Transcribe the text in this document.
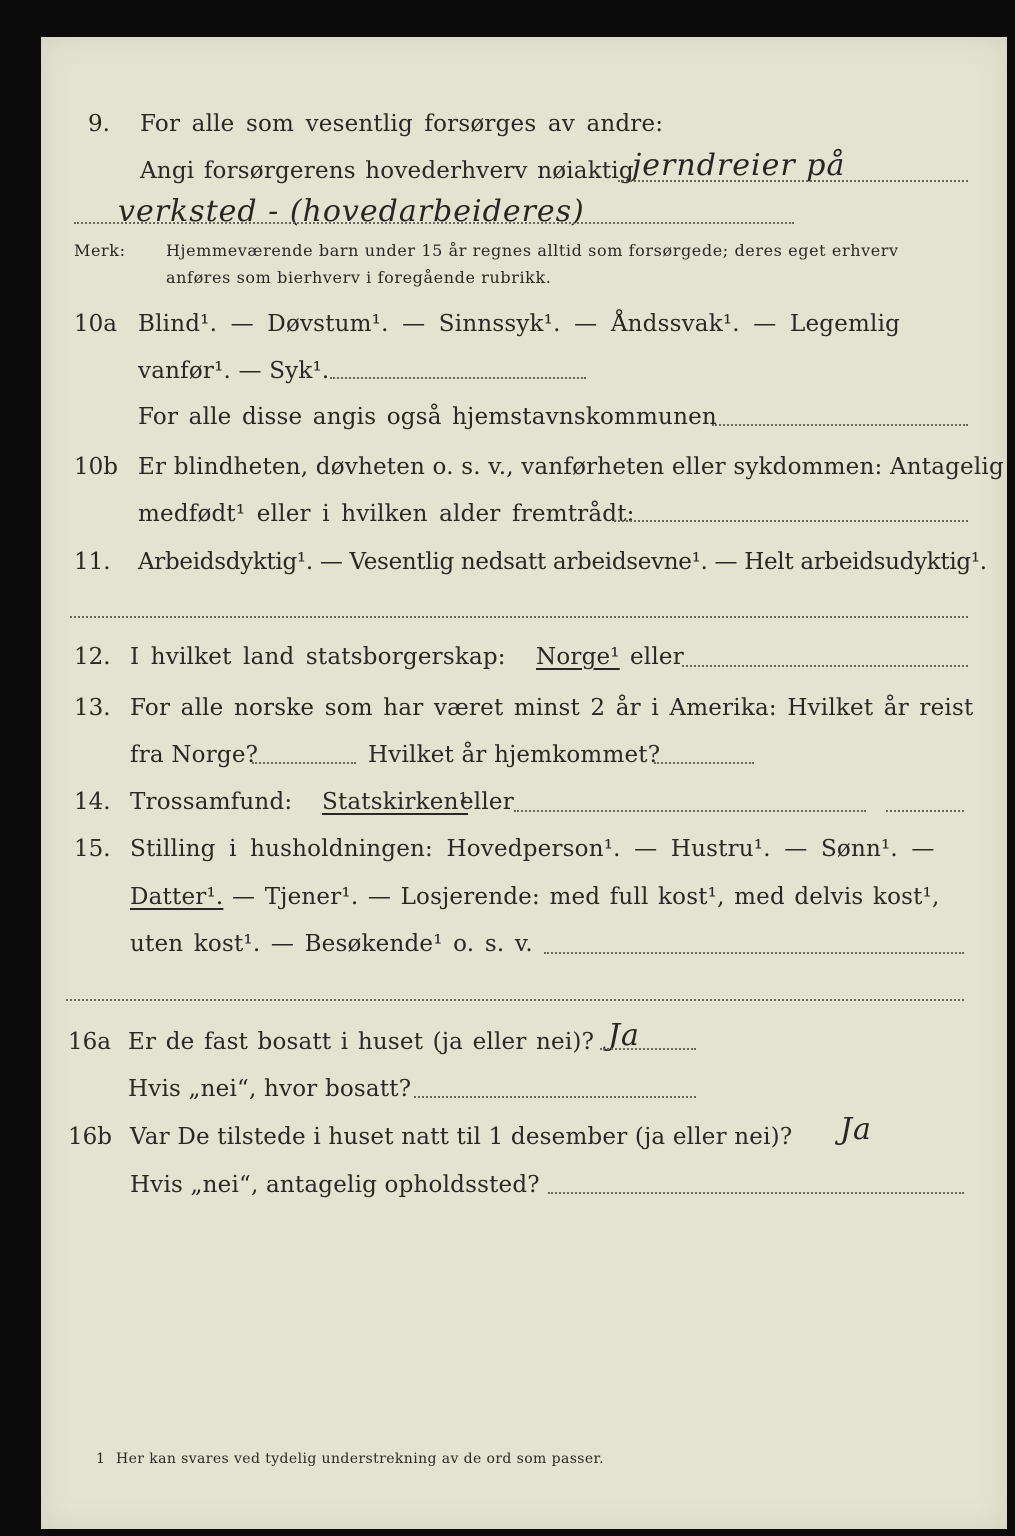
9. For alle som vesentlig forsørges av andre:
Angi forsørgerens hovederhverv nøiaktig
jerndreier på
verksted - (hovedarbeideres)
Merk:	Hjemmeværende barn under 15 år regnes alltid som forsørgede; deres eget erhverv
anføres som bierhverv i foregående rubrikk.
10a Blind¹. — Døvstum¹. — Sinnssyk¹. — Åndssvak¹. — Legemlig
vanfør¹. — Syk¹.
For alle disse angis også hjemstavnskommunen
10b Er blindheten, døvheten o. s. v., vanførheten eller sykdommen: Antagelig
medfødt¹ eller i hvilken alder fremtrådt:
11. Arbeidsdyktig¹. — Vesentlig nedsatt arbeidsevne¹. — Helt arbeidsudyktig¹.
12. I hvilket land statsborgerskap: Norge¹ eller
13. For alle norske som har været minst 2 år i Amerika: Hvilket år reist
fra Norge?	Hvilket år hjemkommet?
14. Trossamfund: Statskirken¹
eller
15. Stilling i husholdningen: Hovedperson¹. — Hustru¹. — Sønn¹. —
Datter¹. — Tjener¹. — Losjerende: med full kost¹, med delvis kost¹,
uten kost¹. — Besøkende¹ o. s. v.
16a Er de fast bosatt i huset (ja eller nei)? Ja
Hvis „nei“, hvor bosatt?
16b Var De tilstede i huset natt til 1 desember (ja eller nei)? Ja
Hvis „nei“, antagelig opholdssted?
1 Her kan svares ved tydelig understrekning av de ord som passer.
